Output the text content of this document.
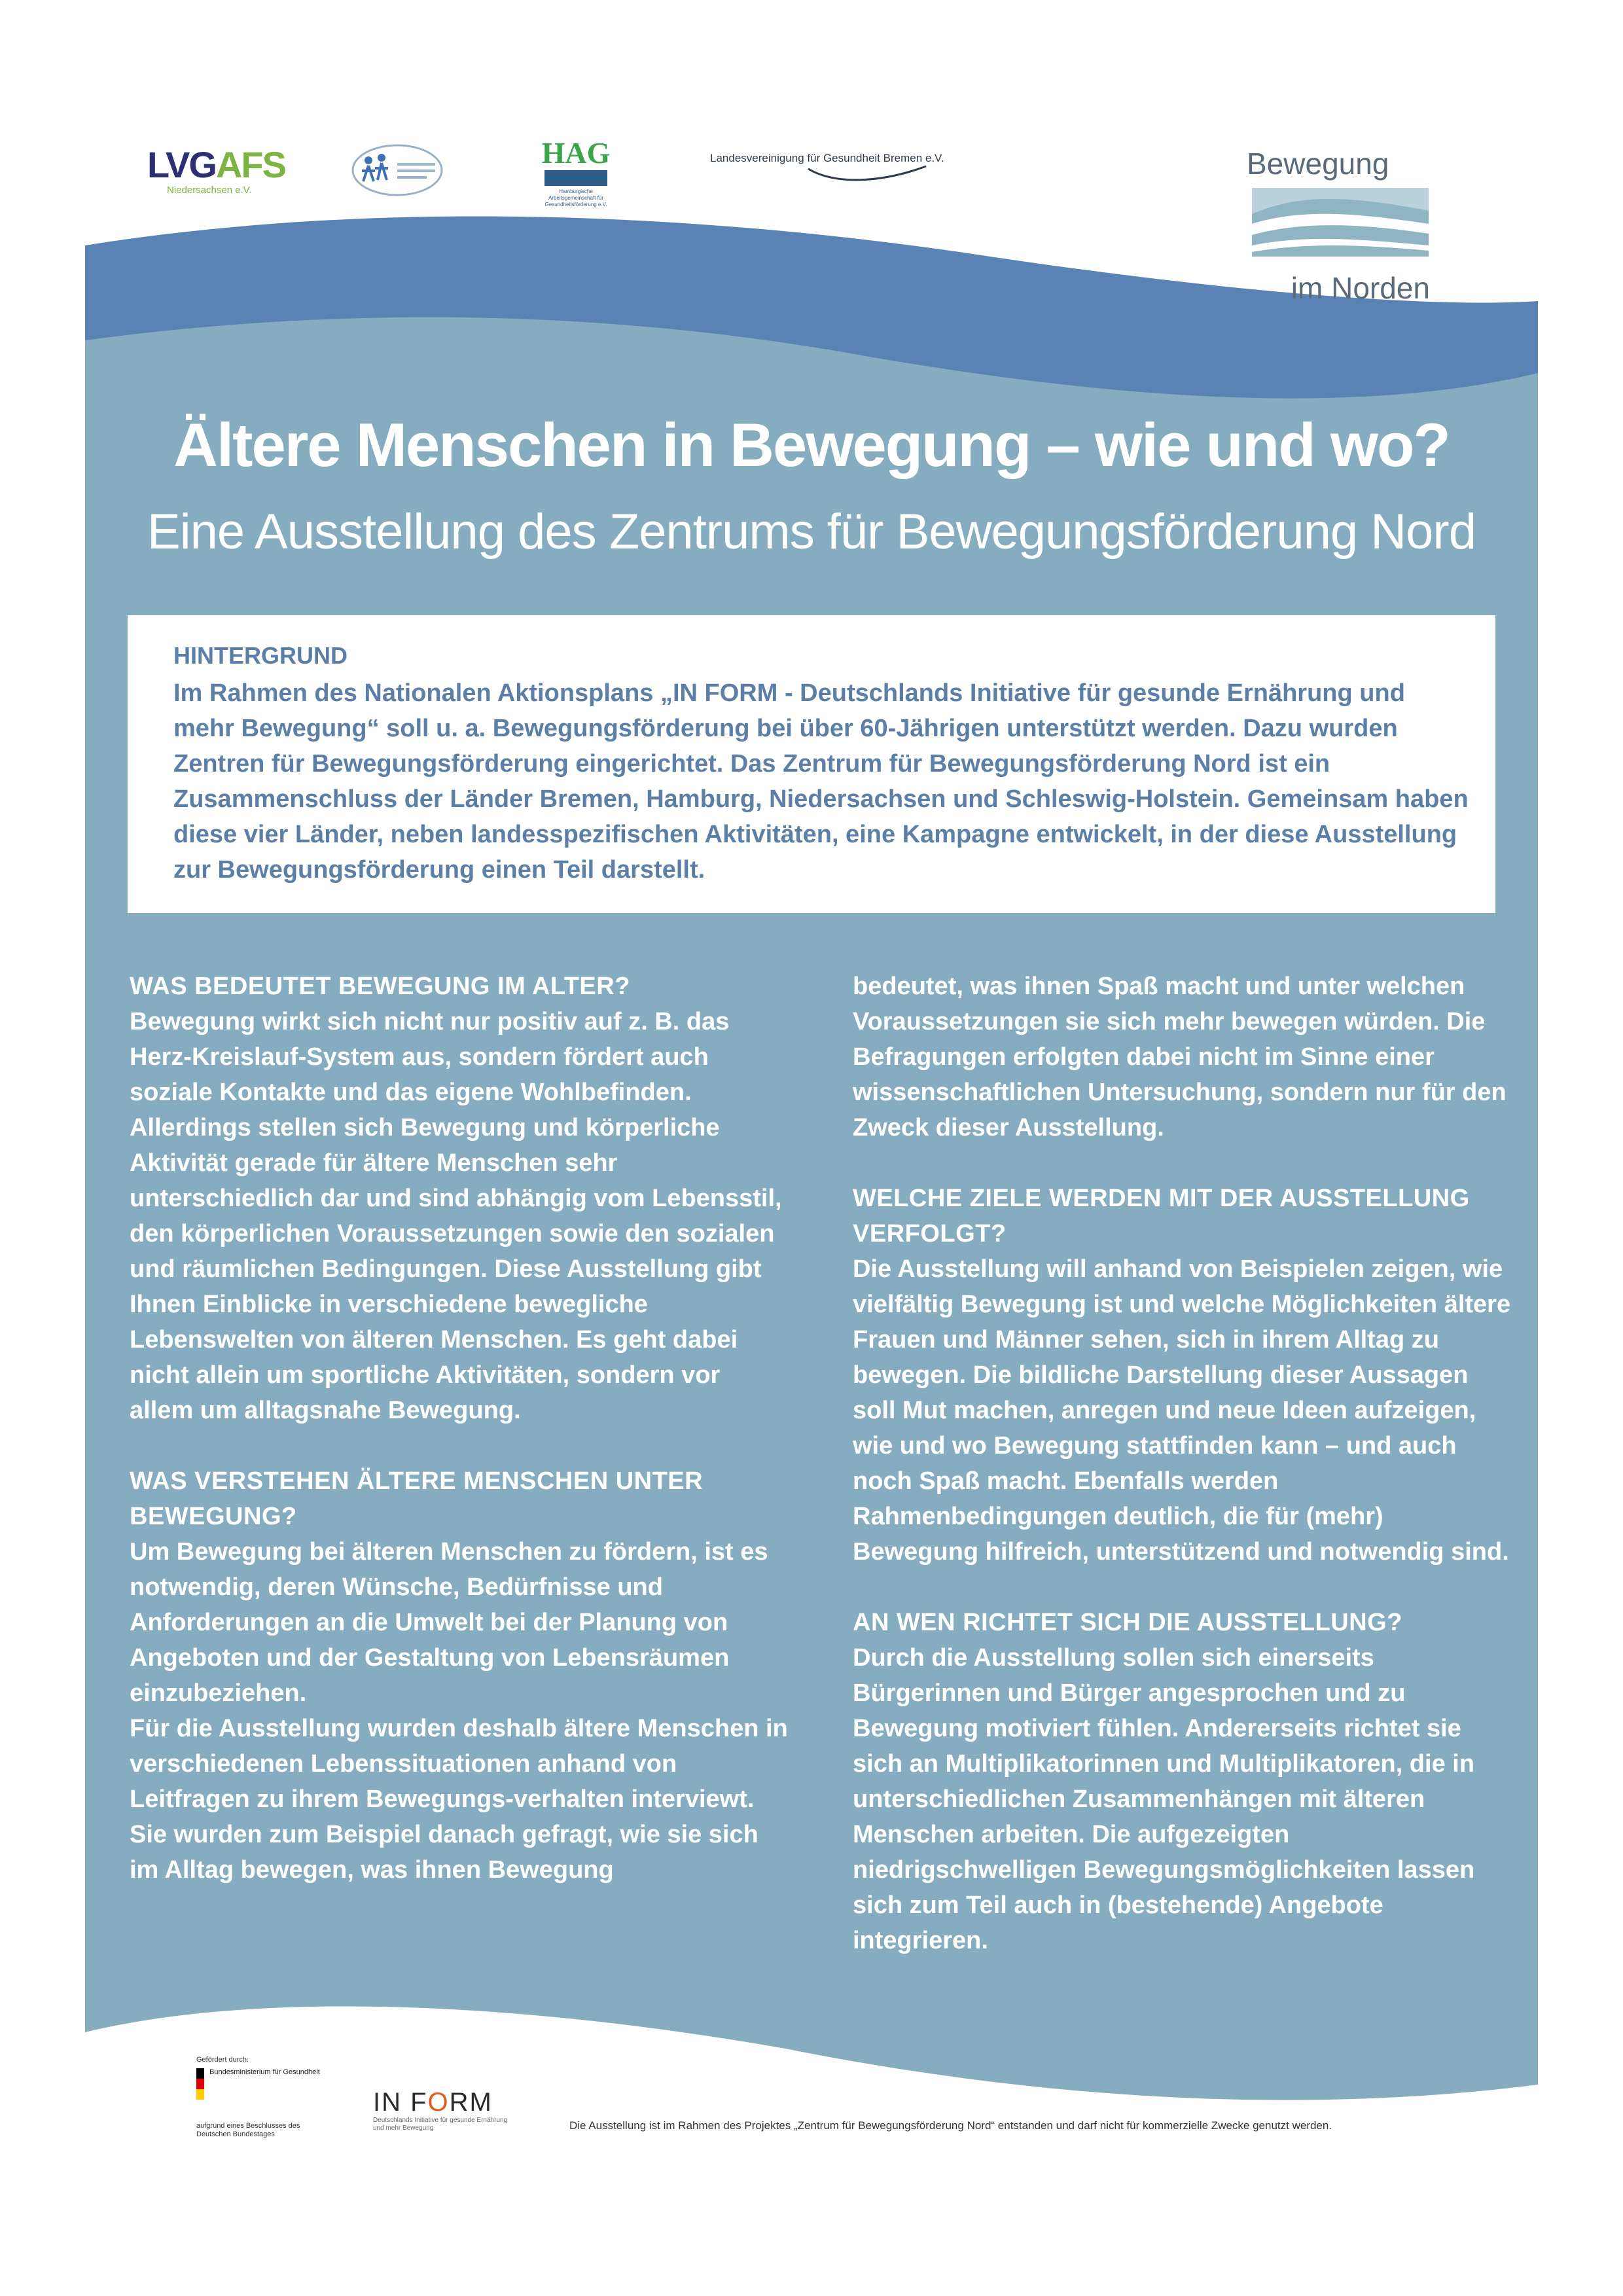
LVGAFS
Niedersachsen e.V.
HAG
Hamburgische Arbeitsgemeinschaft für Gesundheitsförderung e.V.
Landesvereinigung für Gesundheit Bremen e.V.	Bewegung
im Norden
Ältere Menschen in Bewegung – wie und wo?
Eine Ausstellung des Zentrums für Bewegungsförderung Nord
HINTERGRUND
Im Rahmen des Nationalen Aktionsplans „IN FORM - Deutschlands Initiative für gesunde Ernährung und mehr Bewegung“ soll u. a. Bewegungsförderung bei über 60-Jährigen unterstützt werden. Dazu wurden Zentren für Bewegungsförderung eingerichtet. Das Zentrum für Bewegungsförderung Nord ist ein Zusammenschluss der Länder Bremen, Hamburg, Niedersachsen und Schleswig-Holstein. Gemeinsam haben diese vier Länder, neben landesspezifischen Aktivitäten, eine Kampagne entwickelt, in der diese Ausstellung zur Bewegungsförderung einen Teil darstellt.
WAS BEDEUTET BEWEGUNG IM ALTER?
Bewegung wirkt sich nicht nur positiv auf z. B. das Herz-Kreislauf-System aus, sondern fördert auch soziale Kontakte und das eigene Wohlbefinden. Allerdings stellen sich Bewegung und körperliche Aktivität gerade für ältere Menschen sehr unterschiedlich dar und sind abhängig vom Lebensstil, den körperlichen Voraussetzungen sowie den sozialen und räumlichen Bedingungen. Diese Ausstellung gibt Ihnen Einblicke in verschiedene bewegliche Lebenswelten von älteren Menschen. Es geht dabei nicht allein um sportliche Aktivitäten, sondern vor allem um alltagsnahe Bewegung.
WAS VERSTEHEN ÄLTERE MENSCHEN UNTER BEWEGUNG?
Um Bewegung bei älteren Menschen zu fördern, ist es notwendig, deren Wünsche, Bedürfnisse und Anforderungen an die Umwelt bei der Planung von Angeboten und der Gestaltung von Lebensräumen einzubeziehen.
Für die Ausstellung wurden deshalb ältere Menschen in verschiedenen Lebenssituationen anhand von Leitfragen zu ihrem Bewegungs-verhalten interviewt.
Sie wurden zum Beispiel danach gefragt, wie sie sich im Alltag bewegen, was ihnen Bewegung
bedeutet, was ihnen Spaß macht und unter welchen Voraussetzungen sie sich mehr bewegen würden. Die Befragungen erfolgten dabei nicht im Sinne einer wissenschaftlichen Untersuchung, sondern nur für den Zweck dieser Ausstellung.
WELCHE ZIELE WERDEN MIT DER AUSSTELLUNG VERFOLGT?
Die Ausstellung will anhand von Beispielen zeigen, wie vielfältig Bewegung ist und welche Möglichkeiten ältere Frauen und Männer sehen, sich in ihrem Alltag zu bewegen. Die bildliche Darstellung dieser Aussagen soll Mut machen, anregen und neue Ideen aufzeigen, wie und wo Bewegung stattfinden kann – und auch noch Spaß macht. Ebenfalls werden Rahmenbedingungen deutlich, die für (mehr) Bewegung hilfreich, unterstützend und notwendig sind.
AN WEN RICHTET SICH DIE AUSSTELLUNG?
Durch die Ausstellung sollen sich einerseits Bürgerinnen und Bürger angesprochen und zu Bewegung motiviert fühlen. Andererseits richtet sie sich an Multiplikatorinnen und Multiplikatoren, die in unterschiedlichen Zusammenhängen mit älteren Menschen arbeiten. Die aufgezeigten niedrigschwelligen Bewegungsmöglichkeiten lassen sich zum Teil auch in (bestehende) Angebote integrieren.
Gefördert durch:
Bundesministerium für Gesundheit
aufgrund eines Beschlusses des Deutschen Bundestages
IN FORM
Deutschlands Initiative für gesunde Ernährung und mehr Bewegung	Die Ausstellung ist im Rahmen des Projektes „Zentrum für Bewegungsförderung Nord“ entstanden und darf nicht für kommerzielle Zwecke genutzt werden.
